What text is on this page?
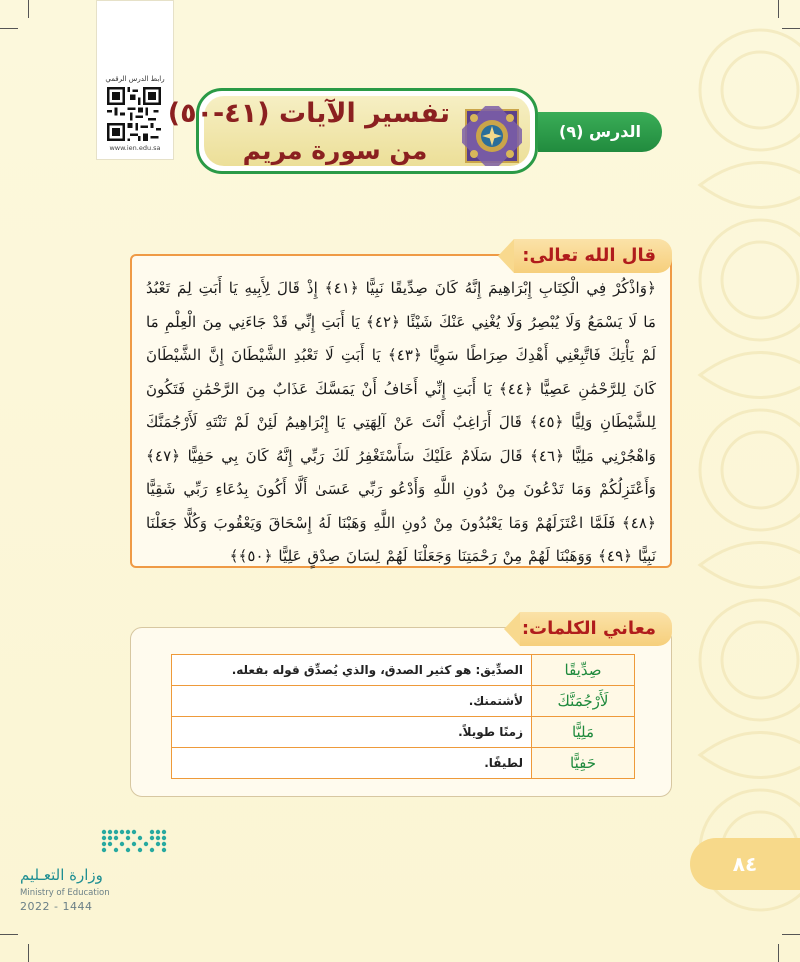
رابط الدرس الرقمي
www.ien.edu.sa
تفسير الآيات (٤١-٥٠)
من سورة مريم
الدرس (٩)
﴿وَاذْكُرْ فِي الْكِتَابِ إِبْرَاهِيمَ إِنَّهُ كَانَ صِدِّيقًا نَبِيًّا ﴿٤١﴾ إِذْ قَالَ لِأَبِيهِ يَا أَبَتِ لِمَ تَعْبُدُ مَا لَا يَسْمَعُ وَلَا يُبْصِرُ وَلَا يُغْنِي عَنْكَ شَيْئًا ﴿٤٢﴾ يَا أَبَتِ إِنِّي قَدْ جَاءَنِي مِنَ الْعِلْمِ مَا لَمْ يَأْتِكَ فَاتَّبِعْنِي أَهْدِكَ صِرَاطًا سَوِيًّا ﴿٤٣﴾ يَا أَبَتِ لَا تَعْبُدِ الشَّيْطَانَ إِنَّ الشَّيْطَانَ كَانَ لِلرَّحْمَٰنِ عَصِيًّا ﴿٤٤﴾ يَا أَبَتِ إِنِّي أَخَافُ أَنْ يَمَسَّكَ عَذَابٌ مِنَ الرَّحْمَٰنِ فَتَكُونَ لِلشَّيْطَانِ وَلِيًّا ﴿٤٥﴾ قَالَ أَرَاغِبٌ أَنْتَ عَنْ آلِهَتِي يَا إِبْرَاهِيمُ لَئِنْ لَمْ تَنْتَهِ لَأَرْجُمَنَّكَ وَاهْجُرْنِي مَلِيًّا ﴿٤٦﴾ قَالَ سَلَامٌ عَلَيْكَ سَأَسْتَغْفِرُ لَكَ رَبِّي إِنَّهُ كَانَ بِي حَفِيًّا ﴿٤٧﴾ وَأَعْتَزِلُكُمْ وَمَا تَدْعُونَ مِنْ دُونِ اللَّهِ وَأَدْعُو رَبِّي عَسَىٰ أَلَّا أَكُونَ بِدُعَاءِ رَبِّي شَقِيًّا ﴿٤٨﴾ فَلَمَّا اعْتَزَلَهُمْ وَمَا يَعْبُدُونَ مِنْ دُونِ اللَّهِ وَهَبْنَا لَهُ إِسْحَاقَ وَيَعْقُوبَ وَكُلًّا جَعَلْنَا نَبِيًّا ﴿٤٩﴾ وَوَهَبْنَا لَهُمْ مِنْ رَحْمَتِنَا وَجَعَلْنَا لَهُمْ لِسَانَ صِدْقٍ عَلِيًّا ﴿٥٠﴾﴾
قال الله تعالى:
صِدِّيقًا	الصدِّيق: هو كثير الصدق، والذي يُصدِّق قوله بفعله.
لَأَرْجُمَنَّكَ	لأشتمنك.
مَلِيًّا	زمنًا طويلاً.
حَفِيًّا	لطيفًا.
معاني الكلمات:
وزارة التعـليم
Ministry of Education
2022 - 1444
٨٤
